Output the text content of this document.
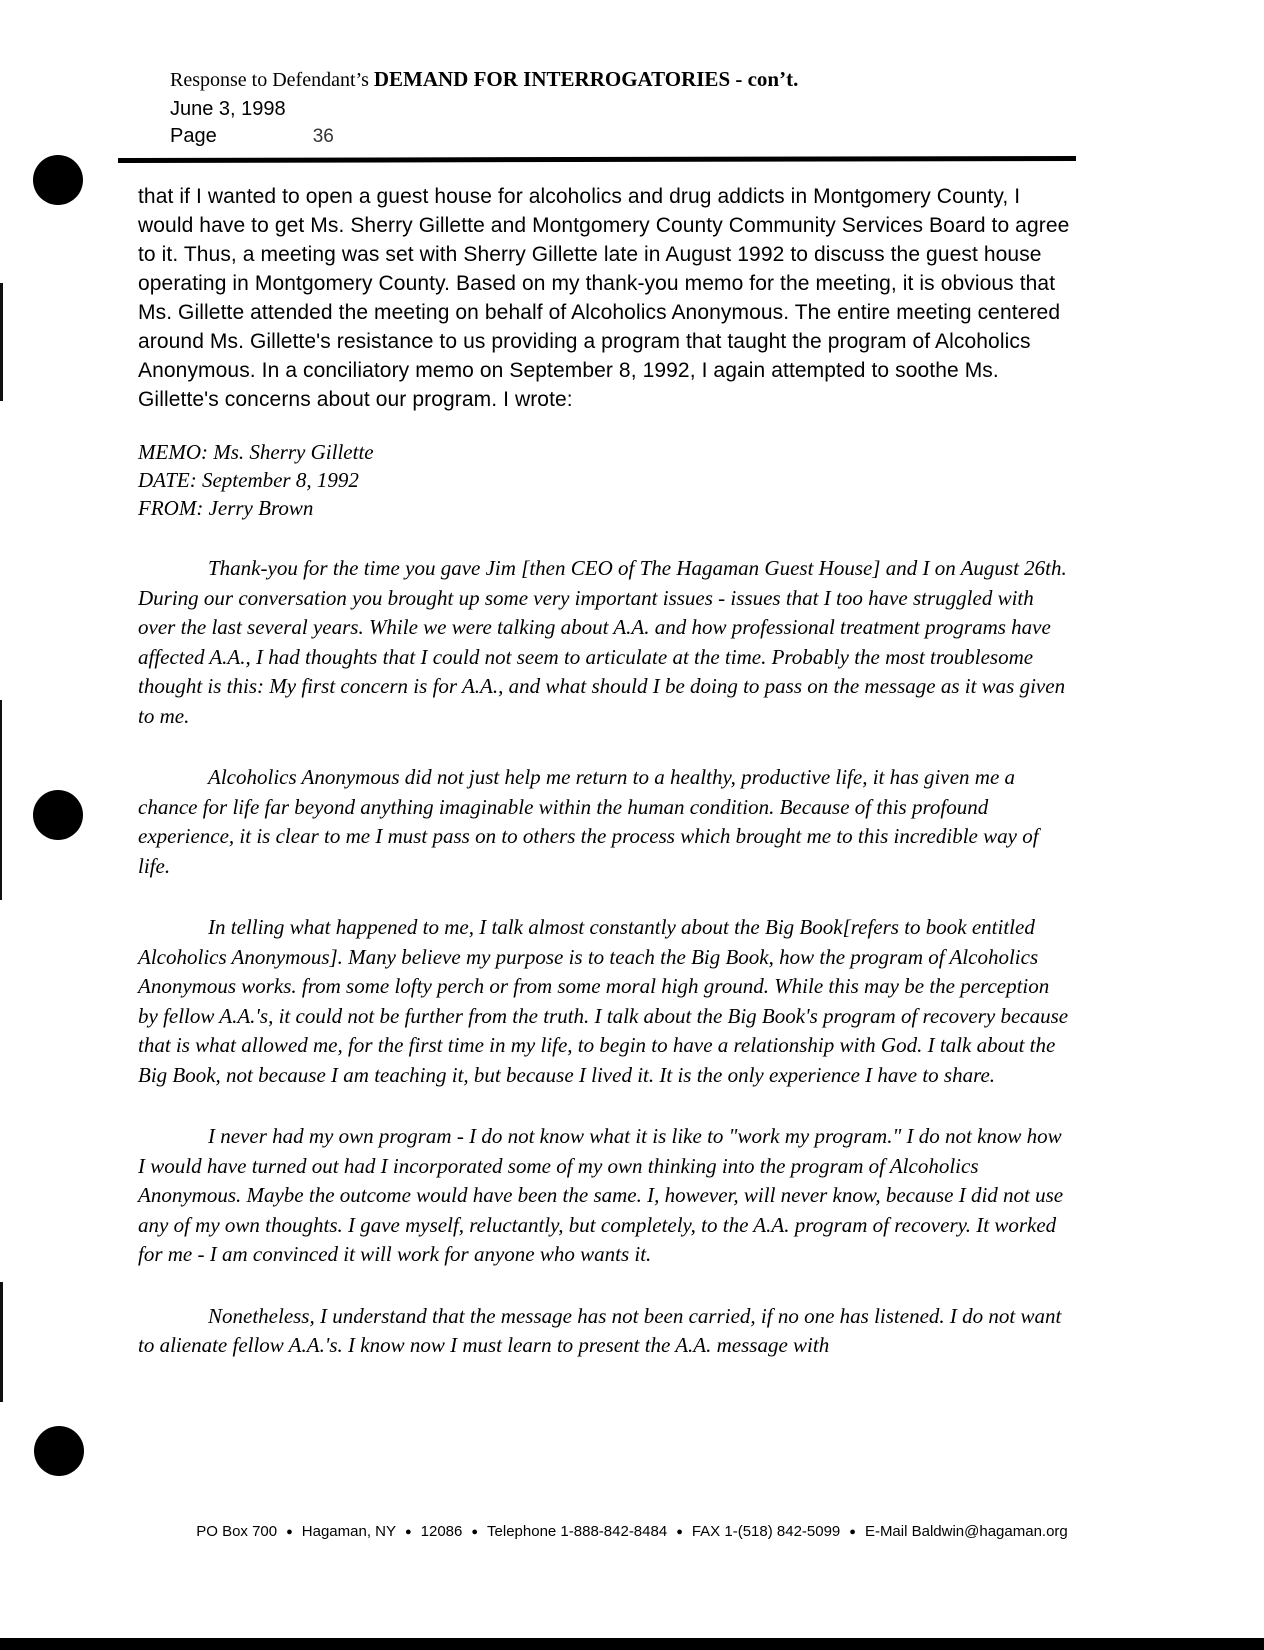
Response to Defendant’s DEMAND FOR INTERROGATORIES - con’t.
June 3, 1998
Page	36

that if I wanted to open a guest house for alcoholics and drug addicts in Montgomery County, I would have to get Ms. Sherry Gillette and Montgomery County Community Services Board to agree to it. Thus, a meeting was set with Sherry Gillette late in August 1992 to discuss the guest house operating in Montgomery County. Based on my thank-you memo for the meeting, it is obvious that Ms. Gillette attended the meeting on behalf of Alcoholics Anonymous. The entire meeting centered around Ms. Gillette's resistance to us providing a program that taught the program of Alcoholics Anonymous. In a conciliatory memo on September 8, 1992, I again attempted to soothe Ms. Gillette's concerns about our program. I wrote:

MEMO: Ms. Sherry Gillette
DATE: September 8, 1992
FROM: Jerry Brown

Thank-you for the time you gave Jim [then CEO of The Hagaman Guest House] and I on August 26th. During our conversation you brought up some very important issues - issues that I too have struggled with over the last several years. While we were talking about A.A. and how professional treatment programs have affected A.A., I had thoughts that I could not seem to articulate at the time. Probably the most troublesome thought is this: My first concern is for A.A., and what should I be doing to pass on the message as it was given to me.

Alcoholics Anonymous did not just help me return to a healthy, productive life, it has given me a chance for life far beyond anything imaginable within the human condition. Because of this profound experience, it is clear to me I must pass on to others the process which brought me to this incredible way of life.

In telling what happened to me, I talk almost constantly about the Big Book[refers to book entitled Alcoholics Anonymous]. Many believe my purpose is to teach the Big Book, how the program of Alcoholics Anonymous works. from some lofty perch or from some moral high ground. While this may be the perception by fellow A.A.'s, it could not be further from the truth. I talk about the Big Book's program of recovery because that is what allowed me, for the first time in my life, to begin to have a relationship with God. I talk about the Big Book, not because I am teaching it, but because I lived it. It is the only experience I have to share.

I never had my own program - I do not know what it is like to "work my program." I do not know how I would have turned out had I incorporated some of my own thinking into the program of Alcoholics Anonymous. Maybe the outcome would have been the same. I, however, will never know, because I did not use any of my own thoughts. I gave myself, reluctantly, but completely, to the A.A. program of recovery. It worked for me - I am convinced it will work for anyone who wants it.

Nonetheless, I understand that the message has not been carried, if no one has listened. I do not want to alienate fellow A.A.'s. I know now I must learn to present the A.A. message with

PO Box 700 ● Hagaman, NY ● 12086 ● Telephone 1-888-842-8484 ● FAX 1-(518) 842-5099 ● E-Mail Baldwin@hagaman.org
